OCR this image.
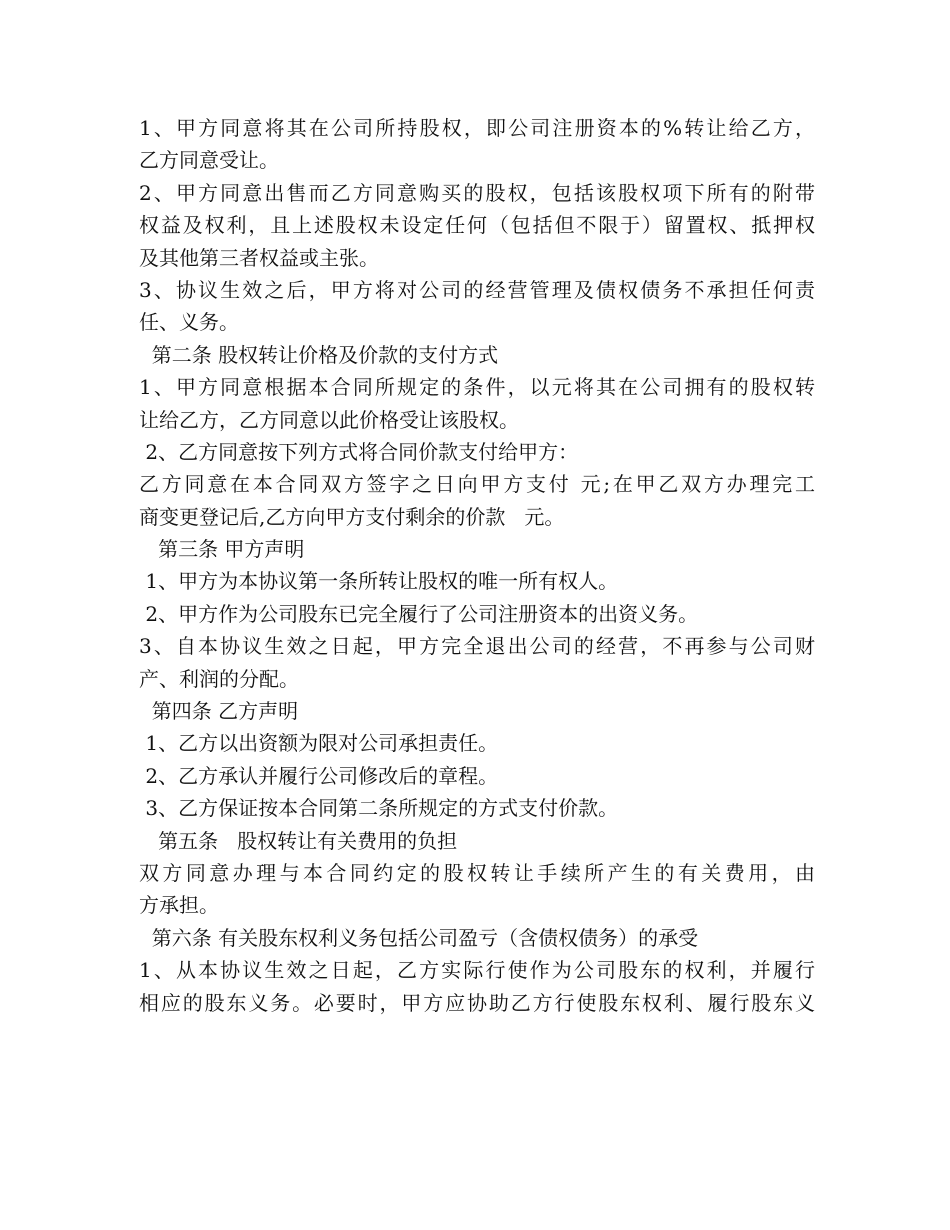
1、甲方同意将其在公司所持股权，即公司注册资本的%转让给乙方，
乙方同意受让。
2、甲方同意出售而乙方同意购买的股权，包括该股权项下所有的附带
权益及权利，且上述股权未设定任何（包括但不限于）留置权、抵押权
及其他第三者权益或主张。
3、协议生效之后，甲方将对公司的经营管理及债权债务不承担任何责
任、义务。
第二条 股权转让价格及价款的支付方式
1、甲方同意根据本合同所规定的条件，以元将其在公司拥有的股权转
让给乙方，乙方同意以此价格受让该股权。
2、乙方同意按下列方式将合同价款支付给甲方：
乙方同意在本合同双方签字之日向甲方支付 元;在甲乙双方办理完工
商变更登记后,乙方向甲方支付剩余的价款   元。
第三条 甲方声明
1、甲方为本协议第一条所转让股权的唯一所有权人。
2、甲方作为公司股东已完全履行了公司注册资本的出资义务。
3、自本协议生效之日起，甲方完全退出公司的经营，不再参与公司财
产、利润的分配。
第四条 乙方声明
1、乙方以出资额为限对公司承担责任。
2、乙方承认并履行公司修改后的章程。
3、乙方保证按本合同第二条所规定的方式支付价款。
第五条   股权转让有关费用的负担
双方同意办理与本合同约定的股权转让手续所产生的有关费用，由
方承担。
第六条 有关股东权利义务包括公司盈亏（含债权债务）的承受
1、从本协议生效之日起，乙方实际行使作为公司股东的权利，并履行
相应的股东义务。必要时，甲方应协助乙方行使股东权利、履行股东义
